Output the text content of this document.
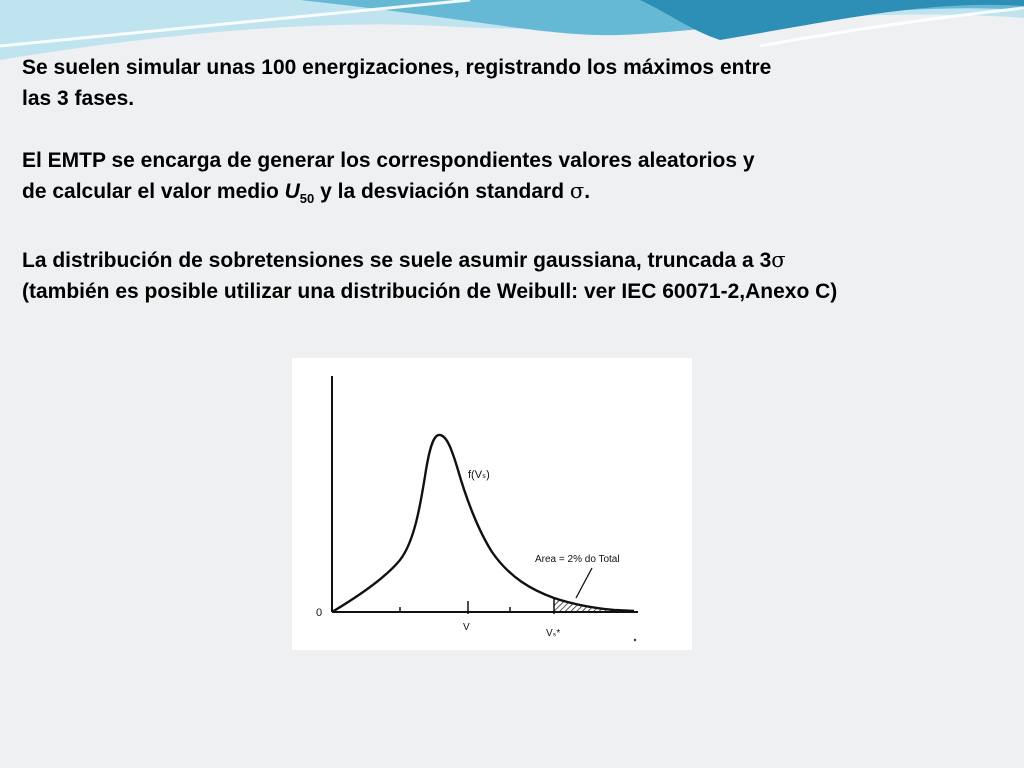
Se suelen simular unas 100 energizaciones, registrando los máximos entre
las 3 fases.

El EMTP se encarga de generar los correspondientes valores aleatorios y
de calcular el valor medio $U_{50}$ y la desviación standard σ.

La distribución de sobretensiones se suele asumir gaussiana, truncada a 3σ
(también es posible utilizar una distribución de Weibull: ver IEC 60071-2,Anexo C)

f(Vₛ)
Area = 2% do Total
0
V
Vₛ*
